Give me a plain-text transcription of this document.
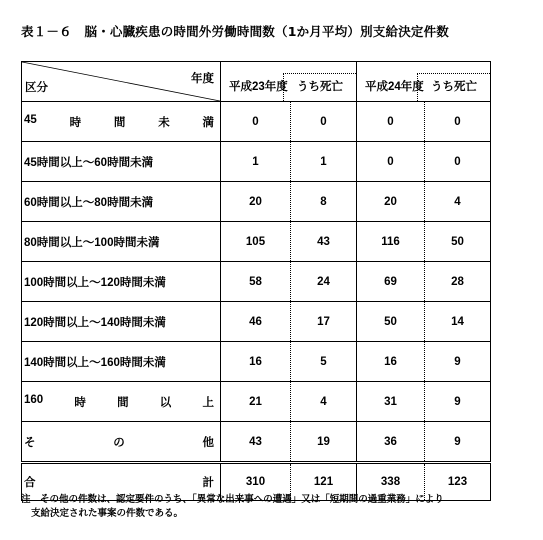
表１－６　脳・心臓疾患の時間外労働時間数（1か月平均）別支給決定件数
年度
区分	平成23年度 うち死亡		平成24年度 うち死亡	

45 時 間 未 満	0	0	0	0

45時間以上～60時間未満	1	1	0	0

60時間以上～80時間未満	20	8	20	4

80時間以上～100時間未満	105	43	116	50

100時間以上～120時間未満	58	24	69	28

120時間以上～140時間未満	46	17	50	14

140時間以上～160時間未満	16	5	16	9

160 時 間 以 上	21	4	31	9

そ の 他	43	19	36	9

合 計	310	121	338	123
注　その他の件数は、認定要件のうち、「異常な出来事への遭遇」又は「短期間の過重業務」により
支給決定された事案の件数である。
